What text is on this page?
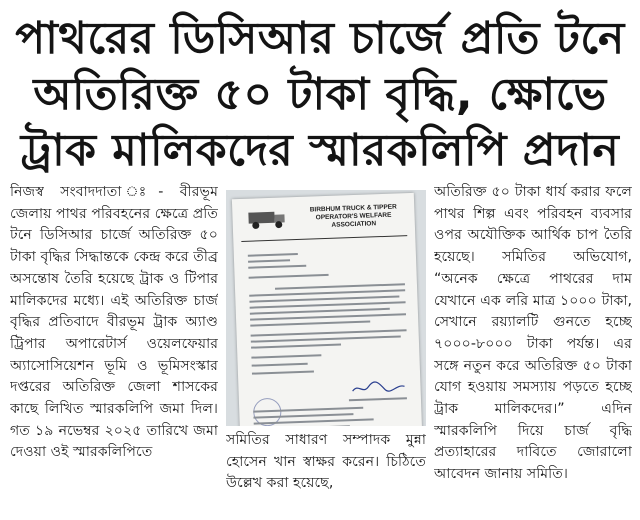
পাথরের ডিসিআর চার্জে প্রতি টনে
অতিরিক্ত ৫০ টাকা বৃদ্ধি, ক্ষোভে
ট্রাক মালিকদের স্মারকলিপি প্রদান
নিজস্ব সংবাদদাতা ঃ- বীরভূম জেলায় পাথর পরিবহনের ক্ষেত্রে প্রতি টনে ডিসিআর চার্জে অতিরিক্ত ৫০ টাকা বৃদ্ধির সিদ্ধান্তকে কেন্দ্র করে তীব্র অসন্তোষ তৈরি হয়েছে ট্রাক ও টিপার মালিকদের মধ্যে। এই অতিরিক্ত চার্জ বৃদ্ধির প্রতিবাদে বীরভূম ট্রাক অ্যাণ্ড ট্রিপার অপারেটার্স ওয়েলফেয়ার অ্যাসোসিয়েশন ভূমি ও ভূমিসংস্কার দপ্তরের অতিরিক্ত জেলা শাসকের কাছে লিখিত স্মারকলিপি জমা দিল। গত ১৯ নভেম্বর ২০২৫ তারিখে জমা দেওয়া ওই স্মারকলিপিতে
BIRBHUM TRUCK & TIPPER OPERATOR'S WELFARE ASSOCIATION
সমিতির সাধারণ সম্পাদক মুন্না হোসেন খান স্বাক্ষর করেন। চিঠিতে উল্লেখ করা হয়েছে,
অতিরিক্ত ৫০ টাকা ধার্য করার ফলে পাথর শিল্প এবং পরিবহন ব্যবসার ওপর অযৌক্তিক আর্থিক চাপ তৈরি হয়েছে। সমিতির অভিযোগ, “অনেক ক্ষেত্রে পাথরের দাম যেখানে এক লরি মাত্র ১০০০ টাকা, সেখানে রয়্যালটি গুনতে হচ্ছে ৭০০০-৮০০০ টাকা পর্যন্ত। এর সঙ্গে নতুন করে অতিরিক্ত ৫০ টাকা যোগ হওয়ায় সমস্যায় পড়তে হচ্ছে ট্রাক মালিকদের।” এদিন স্মারকলিপি দিয়ে চার্জ বৃদ্ধি প্রত্যাহারের দাবিতে জোরালো আবেদন জানায় সমিতি।
